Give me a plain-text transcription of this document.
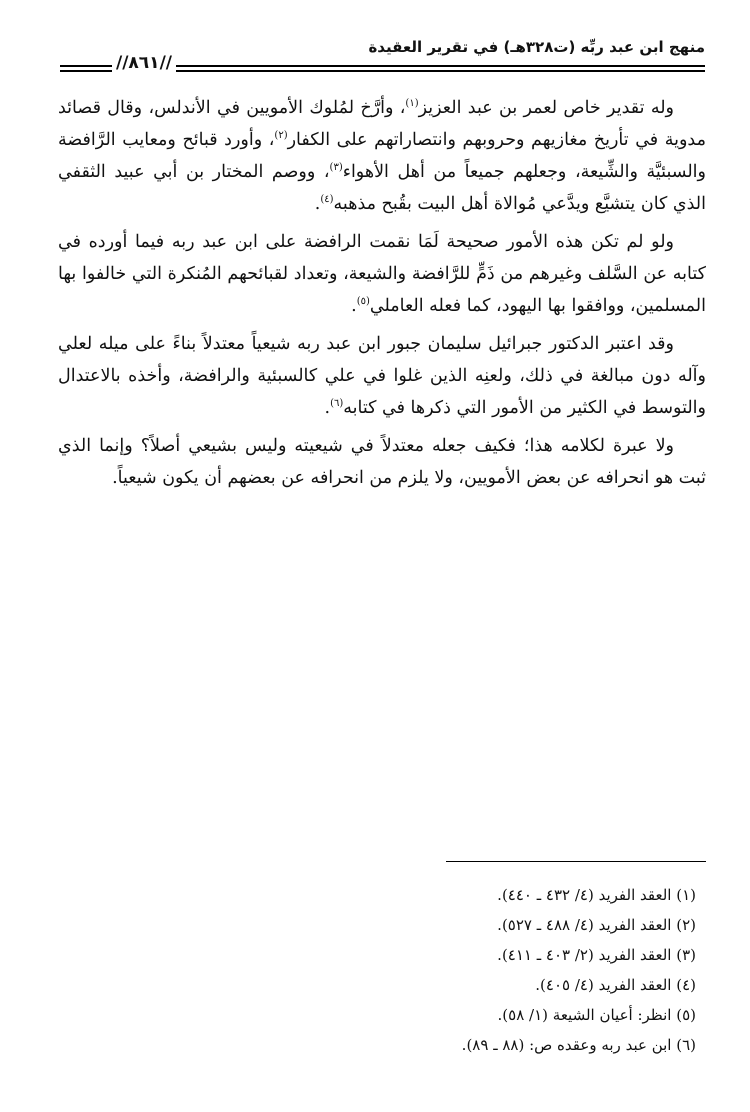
منهج ابن عبد ربِّه (ت٣٢٨هـ) في تقرير العقيدة
//٨٦١//

وله تقدير خاص لعمر بن عبد العزيز$^{(١)}$، وأرَّخ لمُلوك الأمويين في الأندلس، وقال قصائد مدوية في تأريخ مغازيهم وحروبهم وانتصاراتهم على الكفار$^{(٢)}$، وأورد قبائح ومعايب الرَّافضة والسبئيَّة والشِّيعة، وجعلهم جميعاً من أهل الأهواء$^{(٣)}$، ووصم المختار بن أبي عبيد الثقفي الذي كان يتشيَّع ويدَّعي مُوالاة أهل البيت بقُبح مذهبه$^{(٤)}$.

ولو لم تكن هذه الأمور صحيحة لَمَا نقمت الرافضة على ابن عبد ربه فيما أورده في كتابه عن السَّلف وغيرهم من ذَمٍّ للرَّافضة والشيعة، وتعداد لقبائحهم المُنكرة التي خالفوا بها المسلمين، ووافقوا بها اليهود، كما فعله العاملي$^{(٥)}$.

وقد اعتبر الدكتور جبرائيل سليمان جبور ابن عبد ربه شيعياً معتدلاً بناءً على ميله لعلي وآله دون مبالغة في ذلك، ولعنِه الذين غلوا في علي كالسبئية والرافضة، وأخذه بالاعتدال والتوسط في الكثير من الأمور التي ذكرها في كتابه$^{(٦)}$.

ولا عبرة لكلامه هذا؛ فكيف جعله معتدلاً في شيعيته وليس بشيعي أصلاً؟ وإنما الذي ثبت هو انحرافه عن بعض الأمويين، ولا يلزم من انحرافه عن بعضهم أن يكون شيعياً.

(١) العقد الفريد (٤/ ٤٣٢ ـ ٤٤٠).
(٢) العقد الفريد (٤/ ٤٨٨ ـ ٥٢٧).
(٣) العقد الفريد (٢/ ٤٠٣ ـ ٤١١).
(٤) العقد الفريد (٤/ ٤٠٥).
(٥) انظر: أعيان الشيعة (١/ ٥٨).
(٦) ابن عبد ربه وعقده ص: (٨٨ ـ ٨٩).
